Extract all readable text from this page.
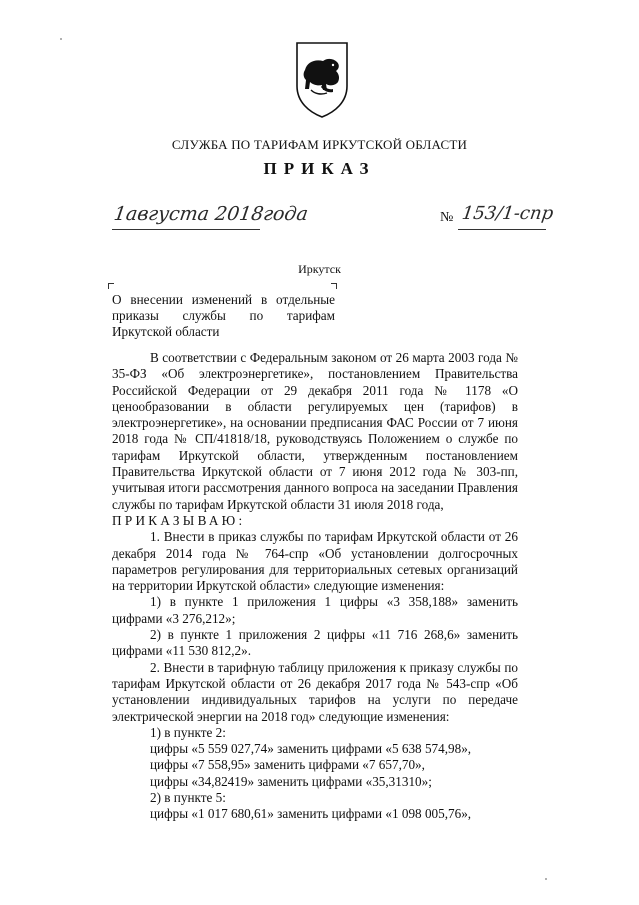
СЛУЖБА ПО ТАРИФАМ ИРКУТСКОЙ ОБЛАСТИ
ПРИКАЗ
1августа 2018года	№ 153/1-спр
Иркутск
О внесении изменений в отдельные
приказы службы по тарифам
Иркутской области

В соответствии с Федеральным законом от 26 марта 2003 года № 35-ФЗ «Об электроэнергетике», постановлением Правительства Российской Федерации от 29 декабря 2011 года № 1178 «О ценообразовании в области регулируемых цен (тарифов) в электроэнергетике», на основании предписания ФАС России от 7 июня 2018 года № СП/41818/18, руководствуясь Положением о службе по тарифам Иркутской области, утвержденным постановлением Правительства Иркутской области от 7 июня 2012 года № 303-пп, учитывая итоги рассмотрения данного вопроса на заседании Правления службы по тарифам Иркутской области 31 июля 2018 года,

ПРИКАЗЫВАЮ:

1. Внести в приказ службы по тарифам Иркутской области от 26 декабря 2014 года № 764-спр «Об установлении долгосрочных параметров регулирования для территориальных сетевых организаций на территории Иркутской области» следующие изменения:

1) в пункте 1 приложения 1 цифры «3 358,188» заменить цифрами «3 276,212»;

2) в пункте 1 приложения 2 цифры «11 716 268,6» заменить цифрами «11 530 812,2».

2. Внести в тарифную таблицу приложения к приказу службы по тарифам Иркутской области от 26 декабря 2017 года № 543-спр «Об установлении индивидуальных тарифов на услуги по передаче электрической энергии на 2018 год» следующие изменения:

1) в пункте 2:

цифры «5 559 027,74» заменить цифрами «5 638 574,98»,

цифры «7 558,95» заменить цифрами «7 657,70»,

цифры «34,82419» заменить цифрами «35,31310»;

2) в пункте 5:

цифры «1 017 680,61» заменить цифрами «1 098 005,76»,
